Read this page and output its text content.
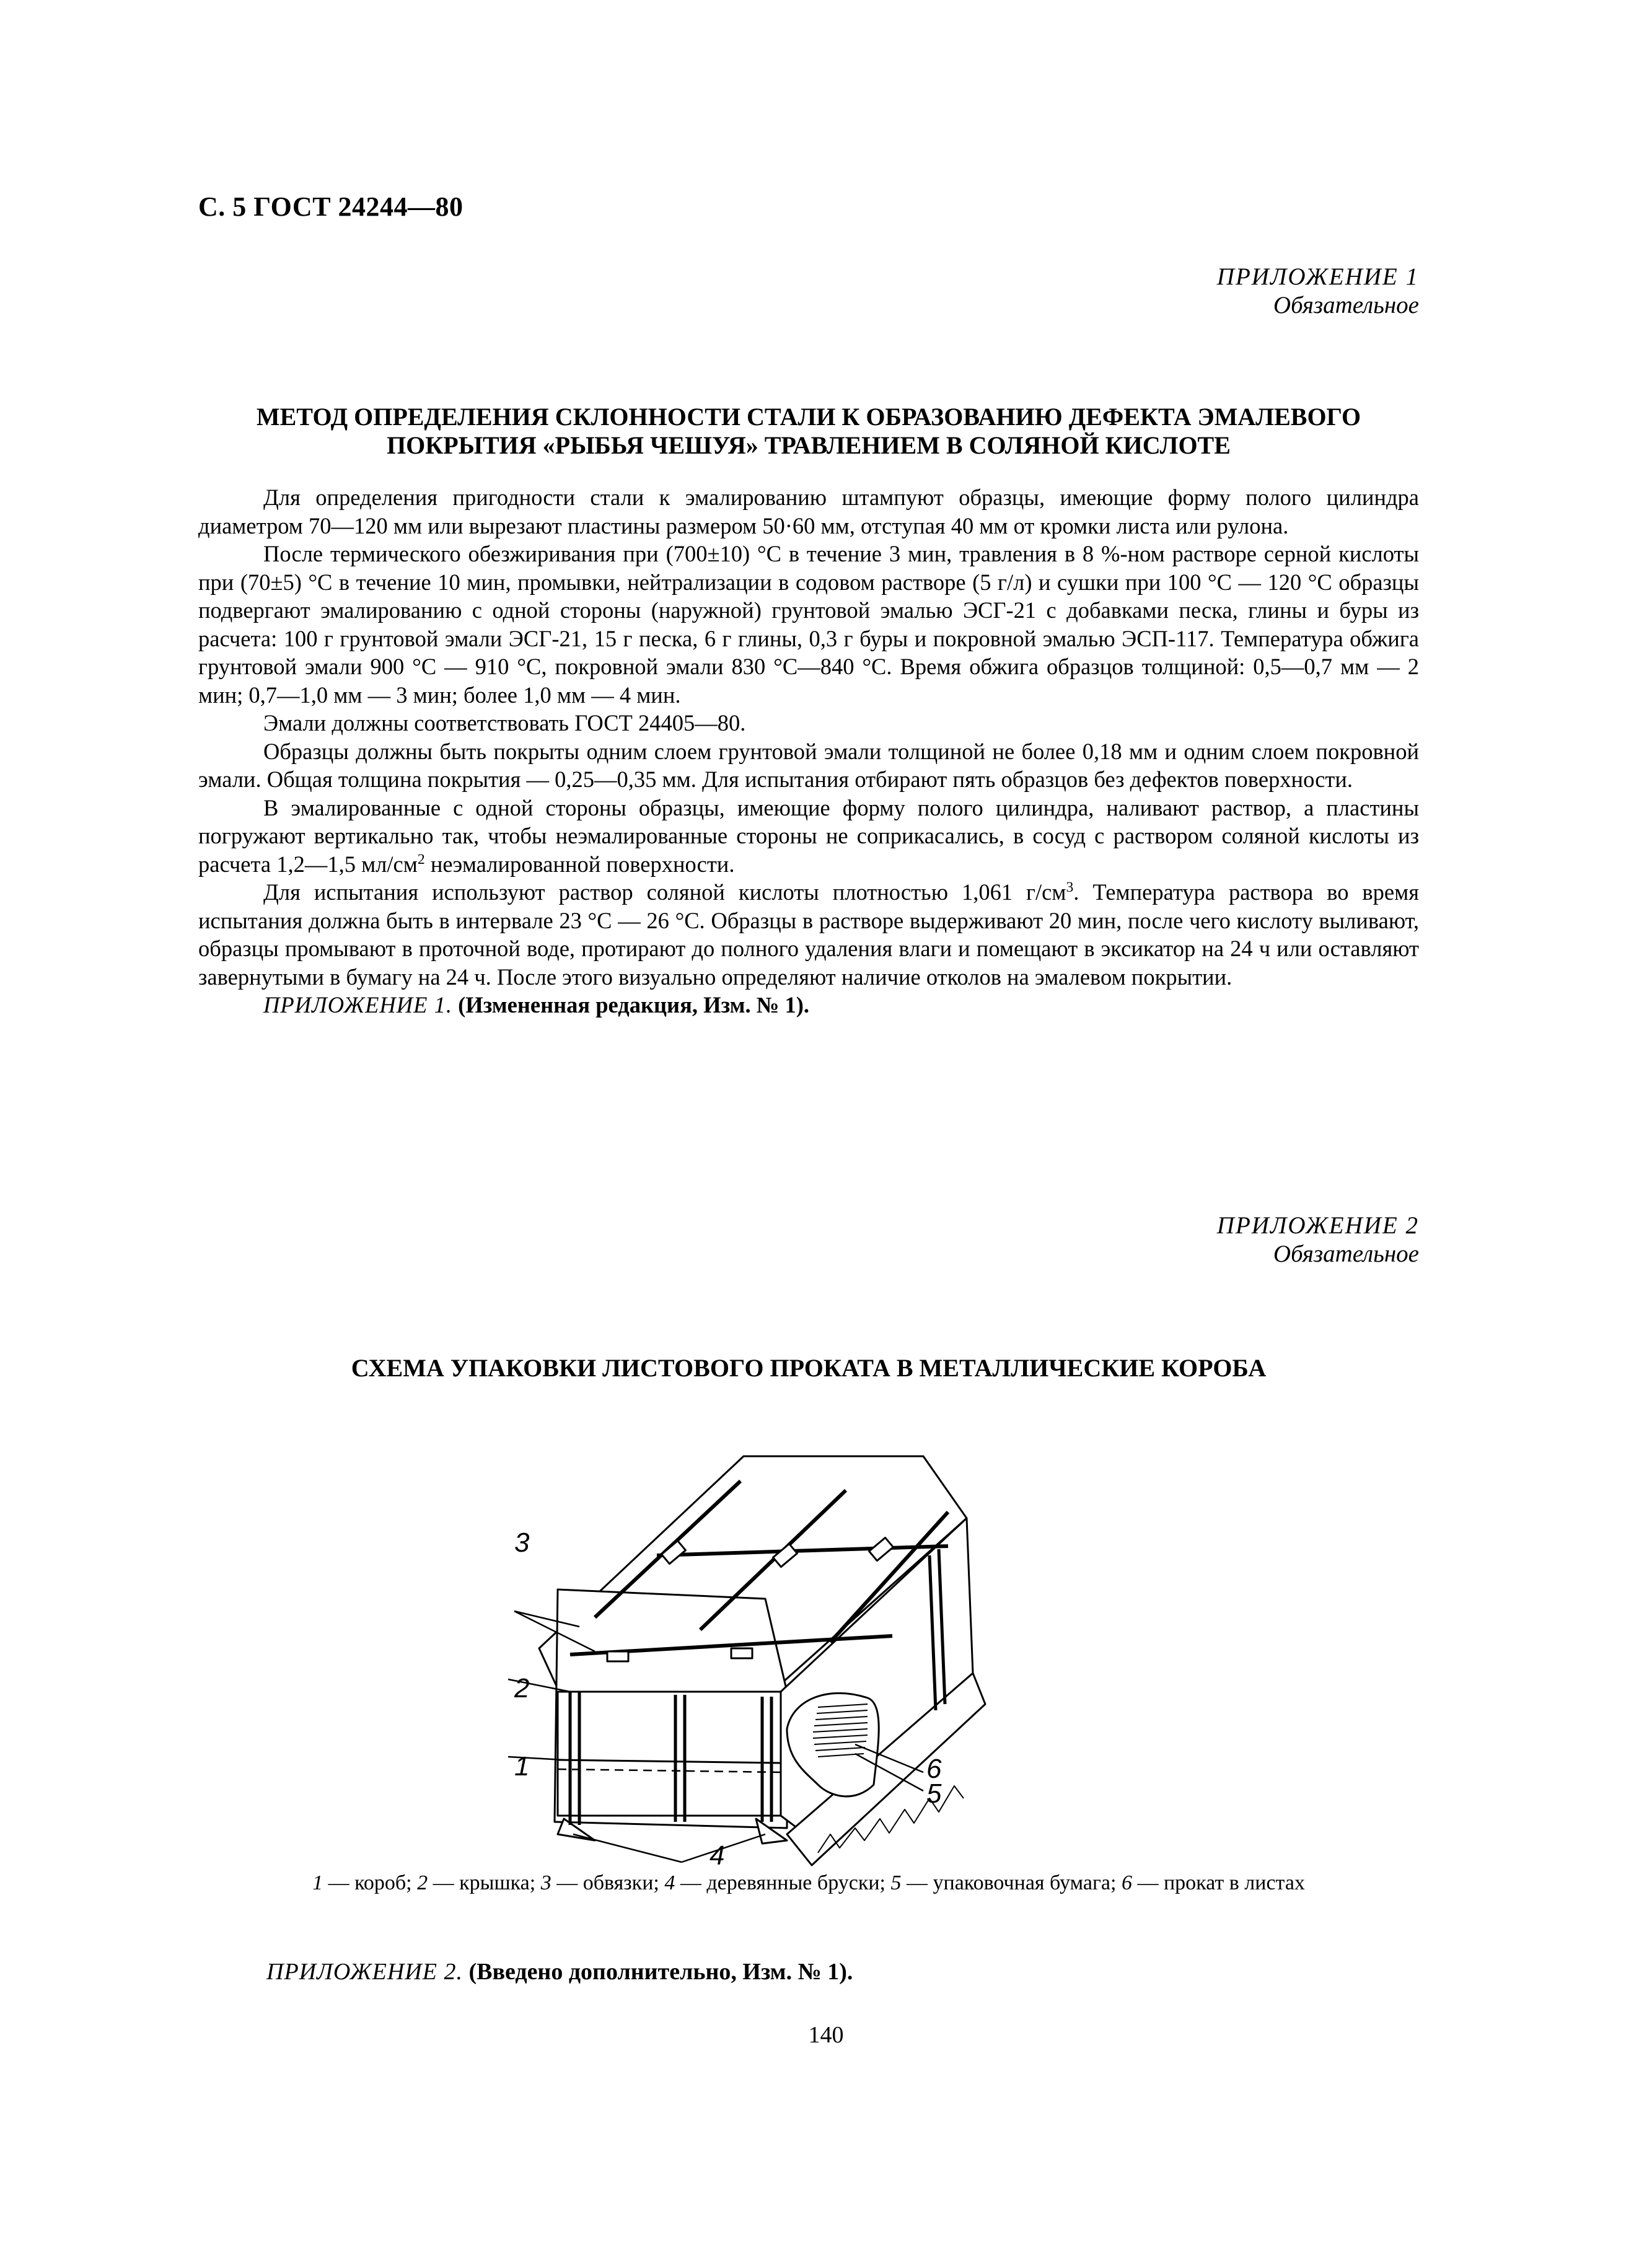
С. 5 ГОСТ 24244—80
ПРИЛОЖЕНИЕ 1
Обязательное
МЕТОД ОПРЕДЕЛЕНИЯ СКЛОННОСТИ СТАЛИ К ОБРАЗОВАНИЮ ДЕФЕКТА ЭМАЛЕВОГО
ПОКРЫТИЯ «РЫБЬЯ ЧЕШУЯ» ТРАВЛЕНИЕМ В СОЛЯНОЙ КИСЛОТЕ

Для определения пригодности стали к эмалированию штампуют образцы, имеющие форму полого цилиндра диаметром 70—120 мм или вырезают пластины размером 50·60 мм, отступая 40 мм от кромки листа или рулона.

После термического обезжиривания при (700±10) °С в течение 3 мин, травления в 8 %-ном растворе серной кислоты при (70±5) °С в течение 10 мин, промывки, нейтрализации в содовом растворе (5 г/л) и сушки при 100 °С — 120 °С образцы подвергают эмалированию с одной стороны (наружной) грунтовой эмалью ЭСГ-21 с добавками песка, глины и буры из расчета: 100 г грунтовой эмали ЭСГ-21, 15 г песка, 6 г глины, 0,3 г буры и покровной эмалью ЭСП-117. Температура обжига грунтовой эмали 900 °С — 910 °С, покровной эмали 830 °С—840 °С. Время обжига образцов толщиной: 0,5—0,7 мм — 2 мин; 0,7—1,0 мм — 3 мин; более 1,0 мм — 4 мин.

Эмали должны соответствовать ГОСТ 24405—80.

Образцы должны быть покрыты одним слоем грунтовой эмали толщиной не более 0,18 мм и одним слоем покровной эмали. Общая толщина покрытия — 0,25—0,35 мм. Для испытания отбирают пять образцов без дефектов поверхности.

В эмалированные с одной стороны образцы, имеющие форму полого цилиндра, наливают раствор, а пластины погружают вертикально так, чтобы неэмалированные стороны не соприкасались, в сосуд с раствором соляной кислоты из расчета 1,2—1,5 $мл/см^2$ неэмалированной поверхности.

Для испытания используют раствор соляной кислоты плотностью 1,061 $г/см^3$. Температура раствора во время испытания должна быть в интервале 23 °С — 26 °С. Образцы в растворе выдерживают 20 мин, после чего кислоту выливают, образцы промывают в проточной воде, протирают до полного удаления влаги и помещают в эксикатор на 24 ч или оставляют завернутыми в бумагу на 24 ч. После этого визуально определяют наличие отколов на эмалевом покрытии.

ПРИЛОЖЕНИЕ 1. (Измененная редакция, Изм. № 1).
ПРИЛОЖЕНИЕ 2
Обязательное
СХЕМА УПАКОВКИ ЛИСТОВОГО ПРОКАТА В МЕТАЛЛИЧЕСКИЕ КОРОБА
1
2
3
4
5
6
1 — короб; 2 — крышка; 3 — обвязки; 4 — деревянные бруски; 5 — упаковочная бумага; 6 — прокат в листах
ПРИЛОЖЕНИЕ 2. (Введено дополнительно, Изм. № 1).
140
